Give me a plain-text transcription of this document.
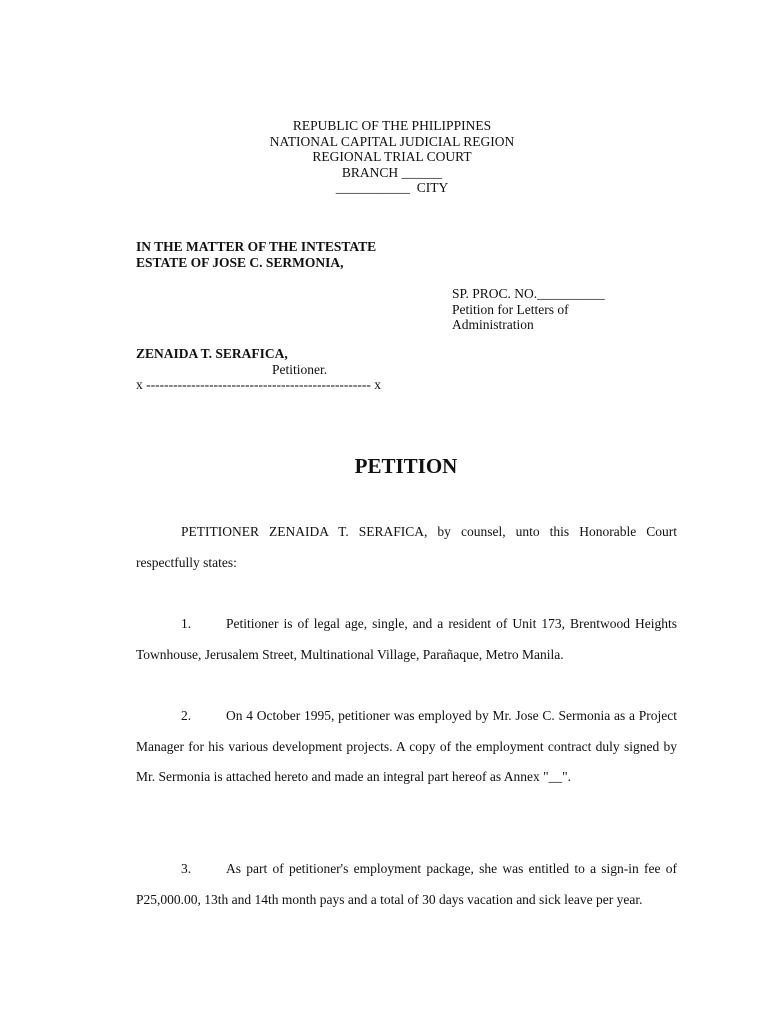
REPUBLIC OF THE PHILIPPINES
NATIONAL CAPITAL JUDICIAL REGION
REGIONAL TRIAL COURT
BRANCH ______
___________  CITY
IN THE MATTER OF THE INTESTATE
ESTATE OF JOSE C. SERMONIA,
SP. PROC. NO.__________
Petition for Letters of
Administration
ZENAIDA T. SERAFICA,
Petitioner.
x -------------------------------------------------- x
PETITION
PETITIONER ZENAIDA T. SERAFICA, by counsel, unto this Honorable Court respectfully states:
1.	Petitioner is of legal age, single, and a resident of Unit 173, Brentwood Heights Townhouse, Jerusalem Street, Multinational Village, Parañaque, Metro Manila.
2.	On 4 October 1995, petitioner was employed by Mr. Jose C. Sermonia as a Project Manager for his various development projects. A copy of the employment contract duly signed by Mr. Sermonia is attached hereto and made an integral part hereof as Annex "__".
3.	As part of petitioner's employment package, she was entitled to a sign-in fee of P25,000.00, 13th and 14th month pays and a total of 30 days vacation and sick leave per year.
